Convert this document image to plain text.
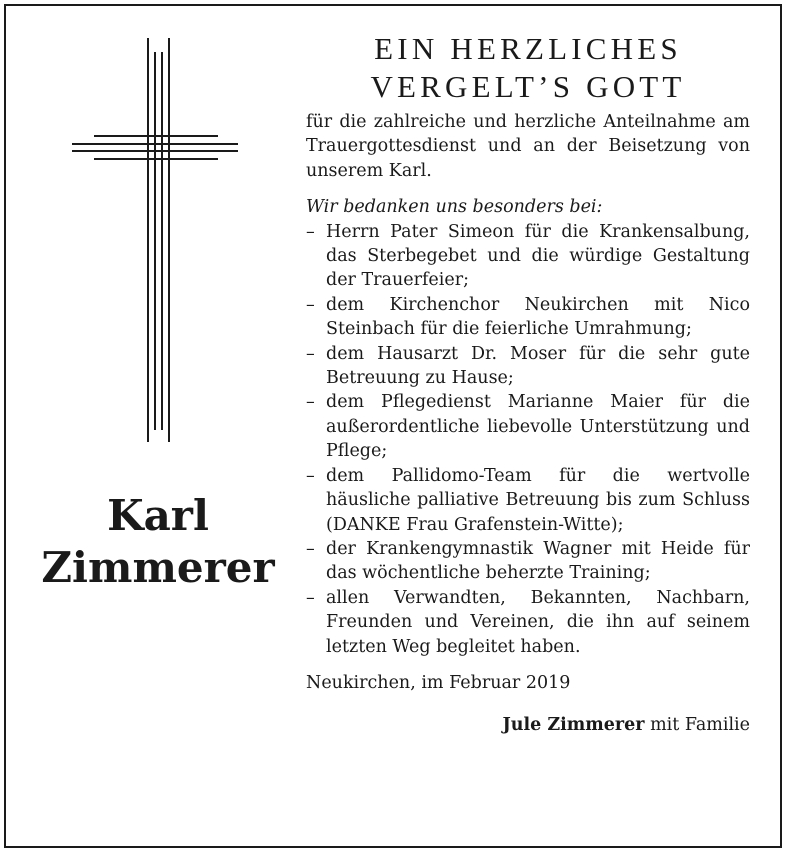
Karl
Zimmerer
EIN HERZLICHES
VERGELT’S GOTT

für die zahlreiche und herzliche Anteilnahme am Trauergottesdienst und an der Beisetzung von unserem Karl.

Wir bedanken uns besonders bei:

– Herrn Pater Simeon für die Krankensalbung, das Sterbegebet und die würdige Gestaltung der Trauerfeier;
– dem Kirchenchor Neukirchen mit Nico Steinbach für die feierliche Umrahmung;
– dem Hausarzt Dr. Moser für die sehr gute Betreuung zu Hause;
– dem Pflegedienst Marianne Maier für die außerordentliche liebevolle Unterstützung und Pflege;
– dem Pallidomo-Team für die wertvolle häusliche palliative Betreuung bis zum Schluss (DANKE Frau Grafenstein-Witte);
– der Krankengymnastik Wagner mit Heide für das wöchentliche beherzte Training;
– allen Verwandten, Bekannten, Nachbarn, Freunden und Vereinen, die ihn auf seinem letzten Weg begleitet haben.

Neukirchen, im Februar 2019

Jule Zimmerer mit Familie
